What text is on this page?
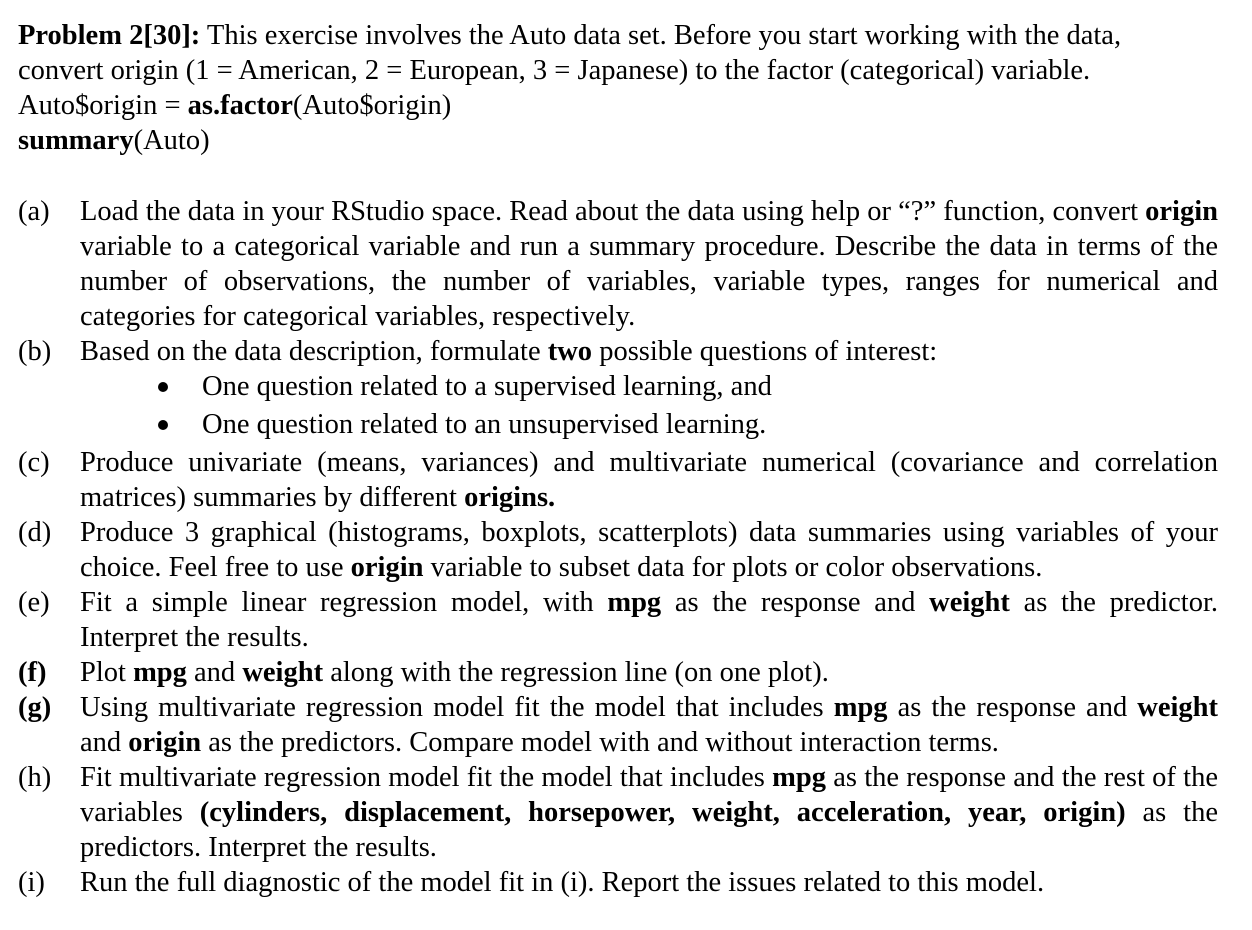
Problem 2[30]: This exercise involves the Auto data set. Before you start working with the data,
convert origin (1 = American, 2 = European, 3 = Japanese) to the factor (categorical) variable.
Auto$origin = as.factor(Auto$origin)
summary(Auto)
(a)	Load the data in your RStudio space. Read about the data using help or “?” function, convert origin variable to a categorical variable and run a summary procedure. Describe the data in terms of the number of observations, the number of variables, variable types, ranges for numerical and categories for categorical variables, respectively.
(b)	Based on the data description, formulate two possible questions of interest:
One question related to a supervised learning, and
One question related to an unsupervised learning.
(c)	Produce univariate (means, variances) and multivariate numerical (covariance and correlation matrices) summaries by different origins.
(d)	Produce 3 graphical (histograms, boxplots, scatterplots) data summaries using variables of your choice. Feel free to use origin variable to subset data for plots or color observations.
(e)	Fit a simple linear regression model, with mpg as the response and weight as the predictor. Interpret the results.
(f)	Plot mpg and weight along with the regression line (on one plot).
(g)	Using multivariate regression model fit the model that includes mpg as the response and weight and origin as the predictors. Compare model with and without interaction terms.
(h)	Fit multivariate regression model fit the model that includes mpg as the response and the rest of the variables (cylinders, displacement, horsepower, weight, acceleration, year, origin) as the predictors. Interpret the results.
(i)	Run the full diagnostic of the model fit in (i). Report the issues related to this model.
